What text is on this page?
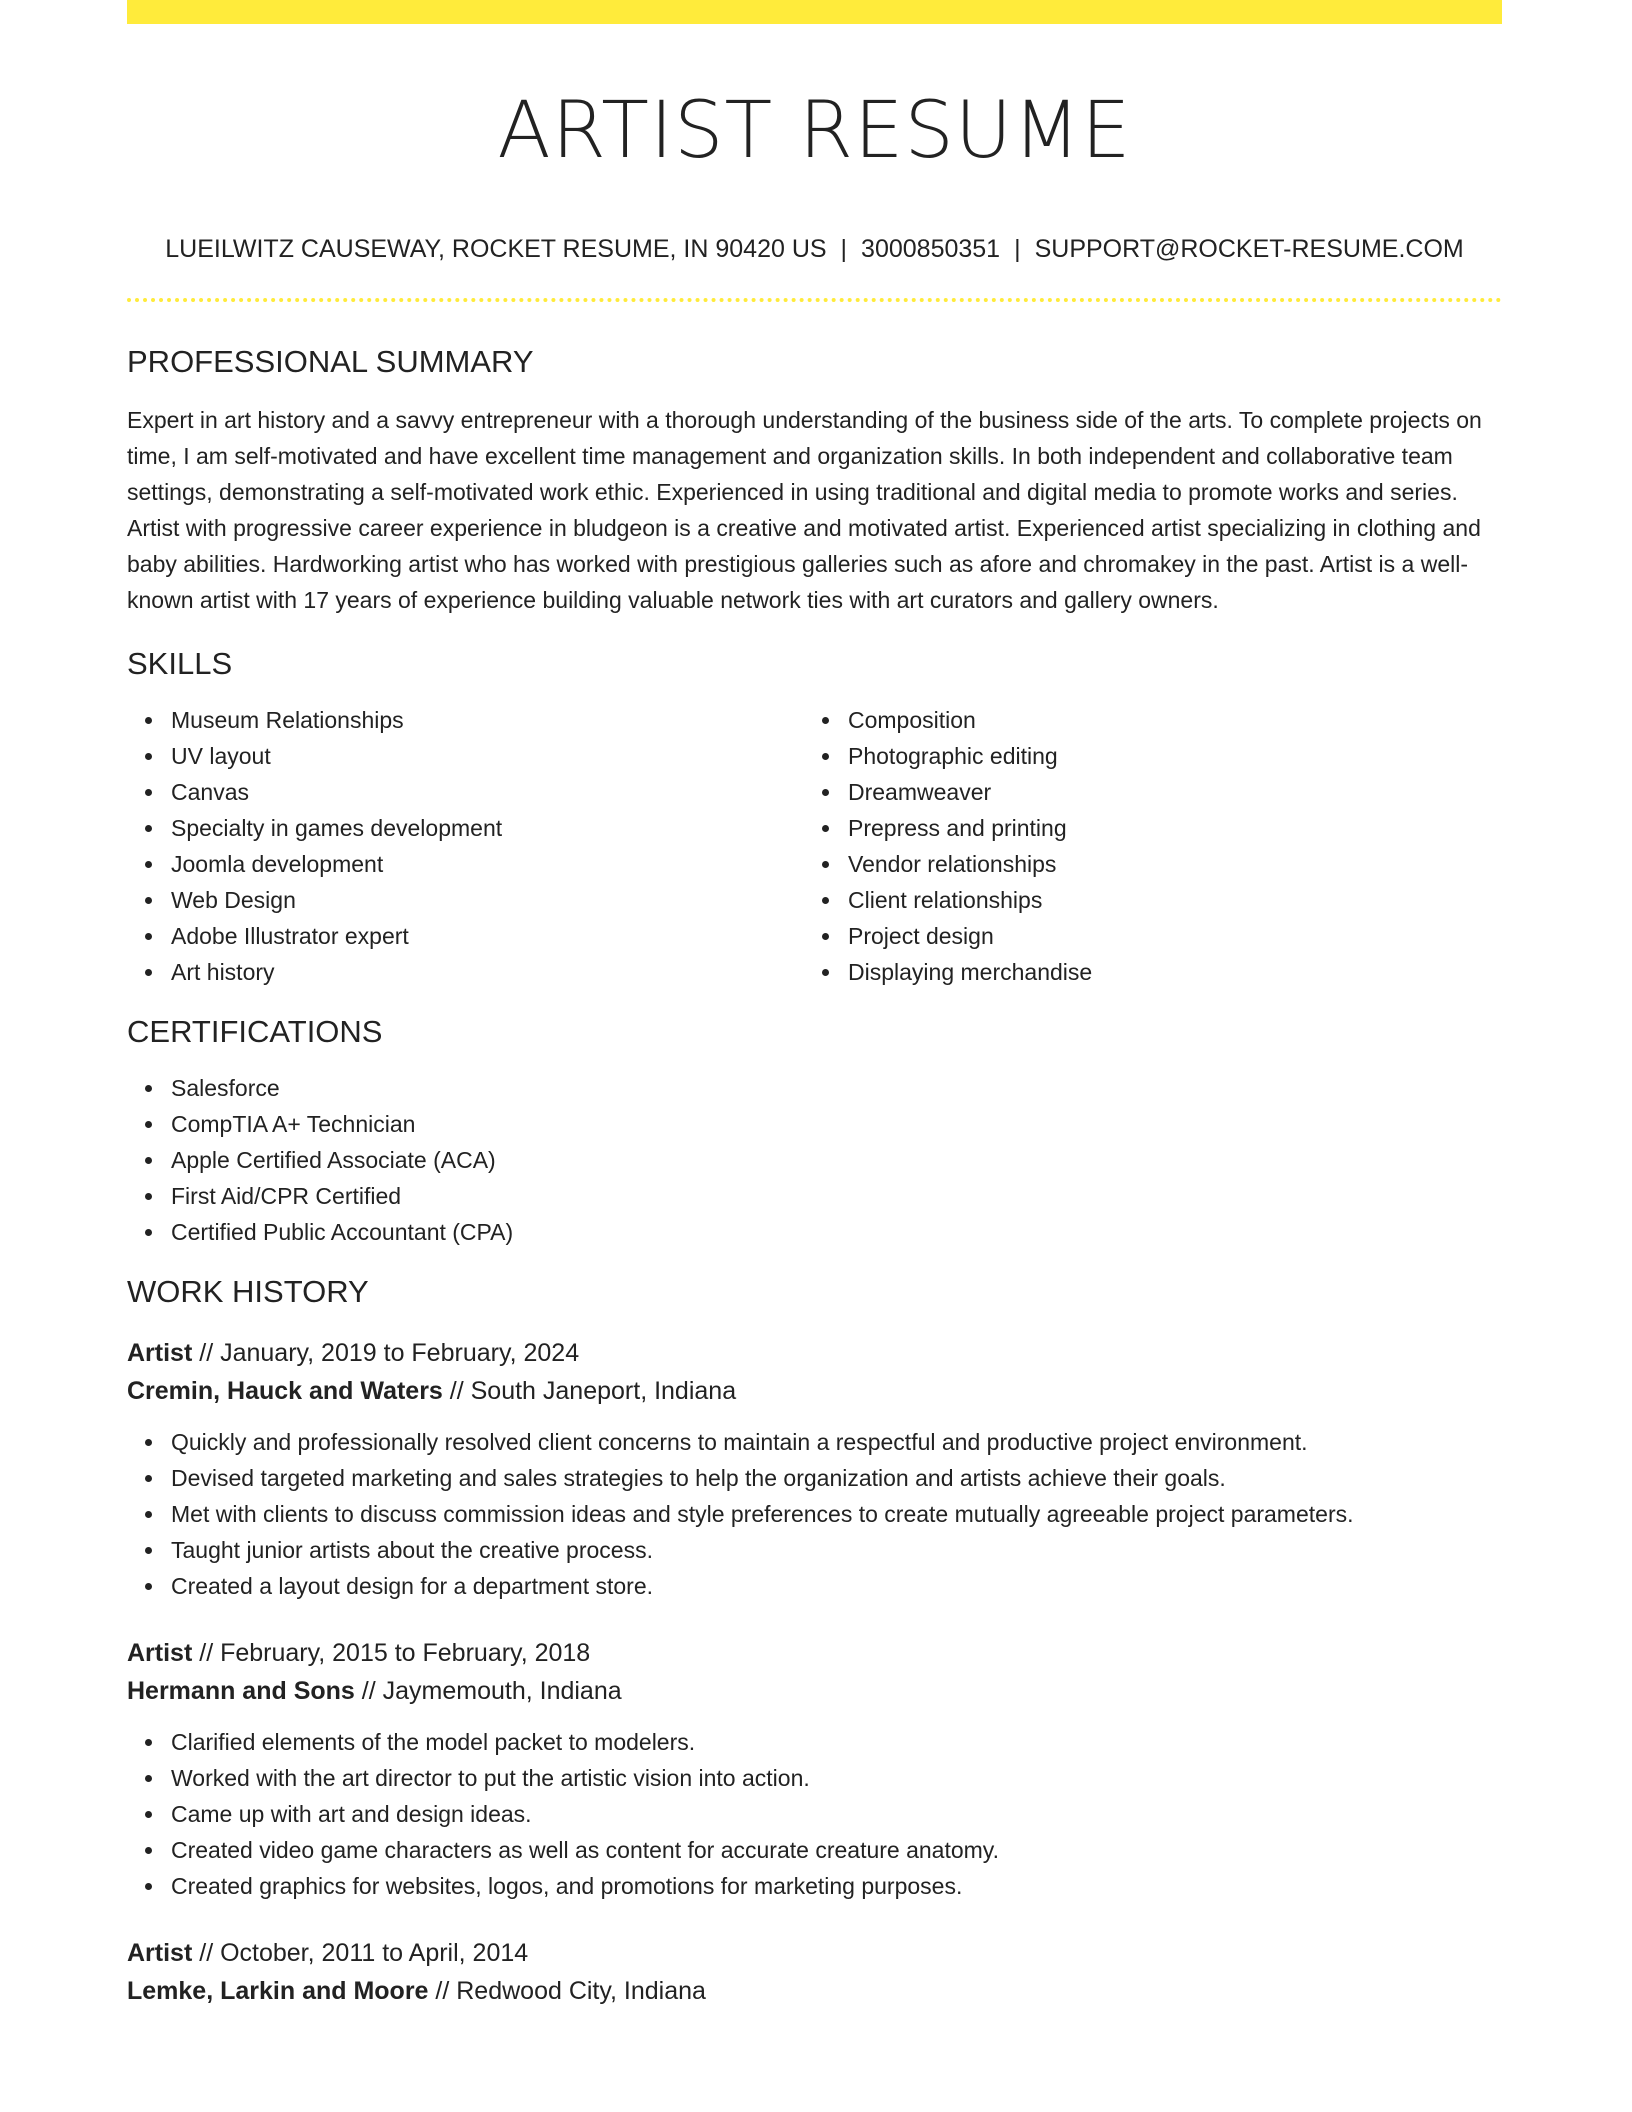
ARTIST RESUME
LUEILWITZ CAUSEWAY, ROCKET RESUME, IN 90420 US | 3000850351 | SUPPORT@ROCKET-RESUME.COM
PROFESSIONAL SUMMARY

Expert in art history and a savvy entrepreneur with a thorough understanding of the business side of the arts. To complete projects on time, I am self-motivated and have excellent time management and organization skills. In both independent and collaborative team settings, demonstrating a self-motivated work ethic. Experienced in using traditional and digital media to promote works and series. Artist with progressive career experience in bludgeon is a creative and motivated artist. Experienced artist specializing in clothing and baby abilities. Hardworking artist who has worked with prestigious galleries such as afore and chromakey in the past. Artist is a well-known artist with 17 years of experience building valuable network ties with art curators and gallery owners.

SKILLS
Museum Relationships
UV layout
Canvas
Specialty in games development
Joomla development
Web Design
Adobe Illustrator expert
Art history
Composition
Photographic editing
Dreamweaver
Prepress and printing
Vendor relationships
Client relationships
Project design
Displaying merchandise
CERTIFICATIONS
Salesforce
CompTIA A+ Technician
Apple Certified Associate (ACA)
First Aid/CPR Certified
Certified Public Accountant (CPA)
WORK HISTORY
Artist // January, 2019 to February, 2024
Cremin, Hauck and Waters // South Janeport, Indiana
Quickly and professionally resolved client concerns to maintain a respectful and productive project environment.
Devised targeted marketing and sales strategies to help the organization and artists achieve their goals.
Met with clients to discuss commission ideas and style preferences to create mutually agreeable project parameters.
Taught junior artists about the creative process.
Created a layout design for a department store.
Artist // February, 2015 to February, 2018
Hermann and Sons // Jaymemouth, Indiana
Clarified elements of the model packet to modelers.
Worked with the art director to put the artistic vision into action.
Came up with art and design ideas.
Created video game characters as well as content for accurate creature anatomy.
Created graphics for websites, logos, and promotions for marketing purposes.
Artist // October, 2011 to April, 2014
Lemke, Larkin and Moore // Redwood City, Indiana
